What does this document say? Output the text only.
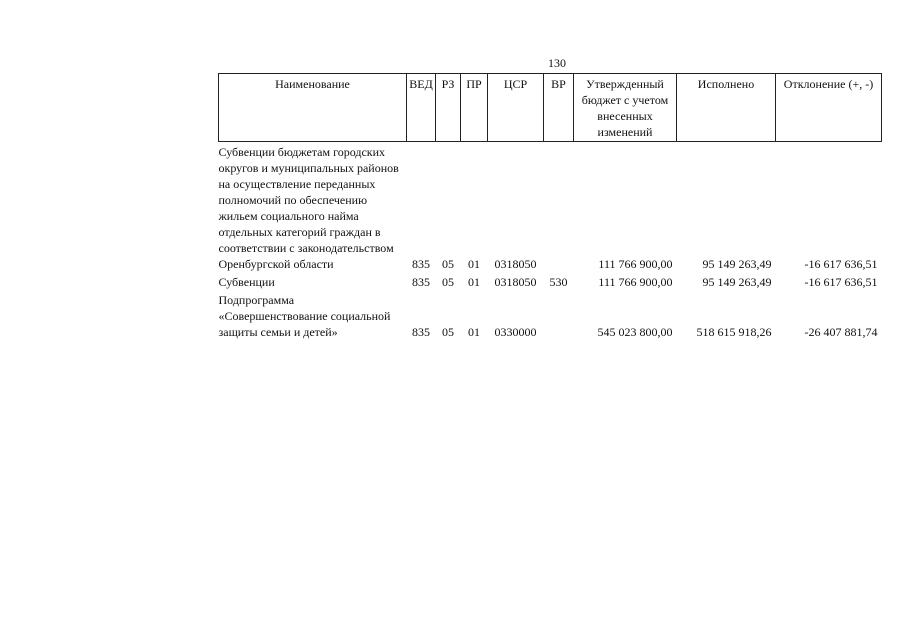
130
Наименование	ВЕД	РЗ	ПР	ЦСР	ВР	Утвержденный бюджет с учетом внесенных изменений	Исполнено	Отклонение (+, -)
Субвенции бюджетам городских округов и муниципальных районов на осуществление переданных полномочий по обеспечению жильем социального найма отдельных категорий граждан в соответствии с законодательством Оренбургской области	835	05	01	0318050		111 766 900,00	95 149 263,49	-16 617 636,51
Субвенции	835	05	01	0318050	530	111 766 900,00	95 149 263,49	-16 617 636,51
Подпрограмма «Совершенствование социальной защиты семьи и детей»	835	05	01	0330000		545 023 800,00	518 615 918,26	-26 407 881,74
